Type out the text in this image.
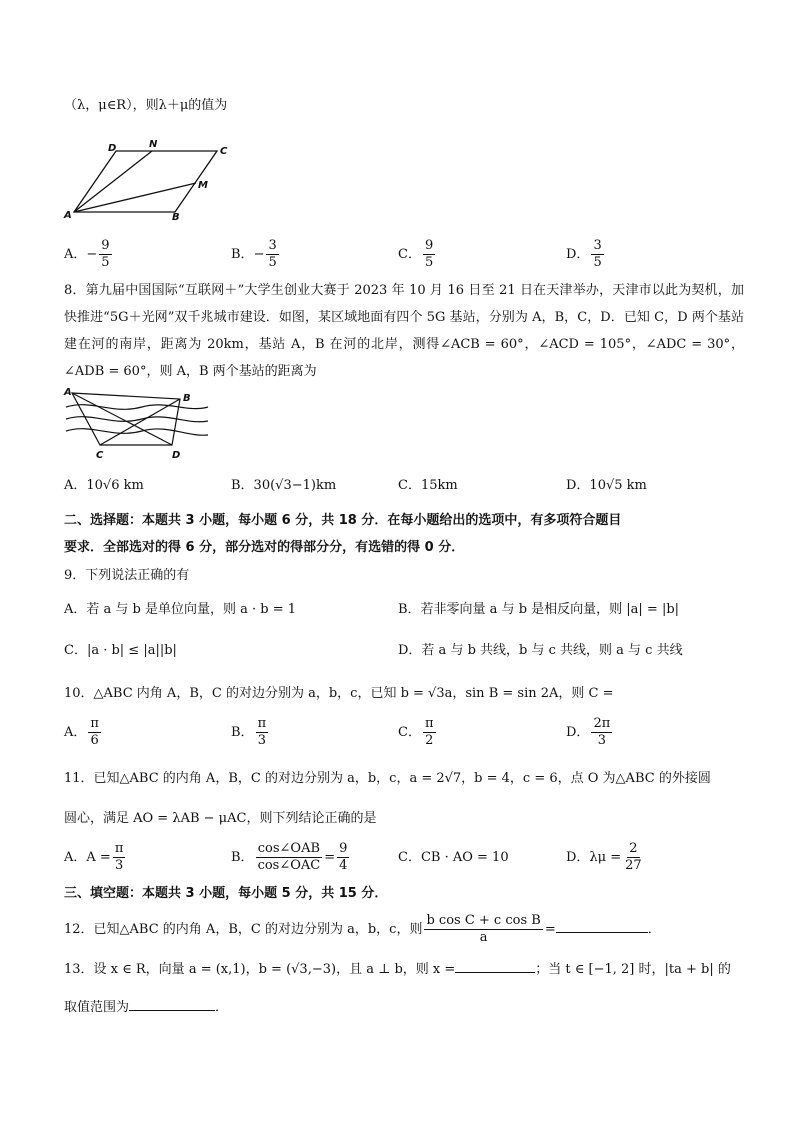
（λ，μ∈R），则λ＋μ的值为
D	N
C
M
A	B
A．− $\frac{9}{5}$	B．− $\frac{3}{5}$	C． $\frac{9}{5}$	D． $\frac{3}{5}$
8．第九届中国国际“互联网＋”大学生创业大赛于 2023 年 10 月 16 日至 21 日在天津举办，天津市以此为契机，加快推进“5G＋光网”双千兆城市建设．如图，某区域地面有四个 5G 基站，分别为 A，B，C，D．已知 C，D 两个基站建在河的南岸，距离为 20km，基站 A，B 在河的北岸，测得∠ACB = 60°，∠ACD = 105°，∠ADC = 30°，∠ADB = 60°，则 A，B 两个基站的距离为
A
B
C	D
A．10√6 km	B．30(√3−1)km	C．15km	D．10√5 km
二、选择题：本题共 3 小题，每小题 6 分，共 18 分．在每小题给出的选项中，有多项符合题目
要求．全部选对的得 6 分，部分选对的得部分分，有选错的得 0 分．
9．下列说法正确的有
A．若 a 与 b 是单位向量，则 a · b = 1	B．若非零向量 a 与 b 是相反向量，则 |a| = |b|
C．|a · b| ≤ |a||b|	D．若 a 与 b 共线，b 与 c 共线，则 a 与 c 共线
10．△ABC 内角 A，B，C 的对边分别为 a，b，c，已知 b = √3a，sin B = sin 2A，则 C =
A． $\frac{\pi}{6}$	B． $\frac{\pi}{3}$	C． $\frac{\pi}{2}$	D． $\frac{2\pi}{3}$
11．已知△ABC 的内角 A，B，C 的对边分别为 a，b，c，a = 2√7，b = 4，c = 6，点 O 为△ABC 的外接圆
圆心，满足 AO = λAB − μAC，则下列结论正确的是
A．$A = \frac{\pi}{3}$	B． $\frac{\text{cos∠OAB}}{\text{cos∠OAC}} = \frac{9}{4}$	C．CB · AO = 10	D．$\lambda\mu = \frac{2}{27}$
三、填空题：本题共 3 小题，每小题 5 分，共 15 分．
12．已知△ABC 的内角 A，B，C 的对边分别为 a，b，c，则 $\frac{\text{b cos C + c cos B}}{a}$ =	．
13．设 x ∈ R，向量 a = (x,1)，b = (√3,−3)，且 a ⊥ b，则 x =	；当 t ∈ [−1, 2] 时，|ta + b| 的
取值范围为	．
